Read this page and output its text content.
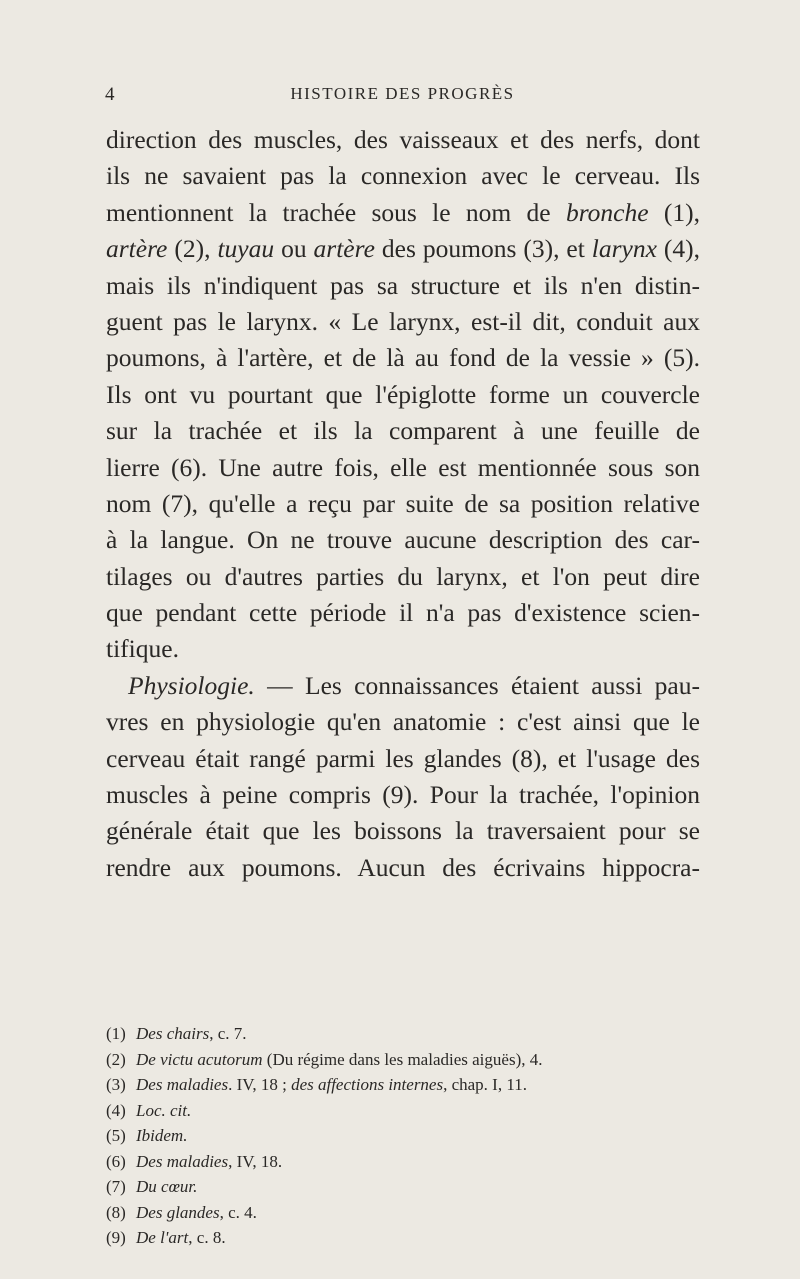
4	HISTOIRE DES PROGRÈS
direction des muscles, des vaisseaux et des nerfs, dont
ils ne savaient pas la connexion avec le cerveau. Ils
mentionnent la trachée sous le nom de bronche (1),
artère (2), tuyau ou artère des poumons (3), et larynx (4),
mais ils n'indiquent pas sa structure et ils n'en distin-
guent pas le larynx. « Le larynx, est-il dit, conduit aux
poumons, à l'artère, et de là au fond de la vessie » (5).
Ils ont vu pourtant que l'épiglotte forme un couvercle
sur la trachée et ils la comparent à une feuille de
lierre (6). Une autre fois, elle est mentionnée sous son
nom (7), qu'elle a reçu par suite de sa position relative
à la langue. On ne trouve aucune description des car-
tilages ou d'autres parties du larynx, et l'on peut dire
que pendant cette période il n'a pas d'existence scien-
tifique.
Physiologie. — Les connaissances étaient aussi pau-
vres en physiologie qu'en anatomie : c'est ainsi que le
cerveau était rangé parmi les glandes (8), et l'usage des
muscles à peine compris (9). Pour la trachée, l'opinion
générale était que les boissons la traversaient pour se
rendre aux poumons. Aucun des écrivains hippocra-
(1) Des chairs, c. 7.
(2) De victu acutorum (Du régime dans les maladies aiguës), 4.
(3) Des maladies. IV, 18 ; des affections internes, chap. I, 11.
(4) Loc. cit.
(5) Ibidem.
(6) Des maladies, IV, 18.
(7) Du cœur.
(8) Des glandes, c. 4.
(9) De l'art, c. 8.
